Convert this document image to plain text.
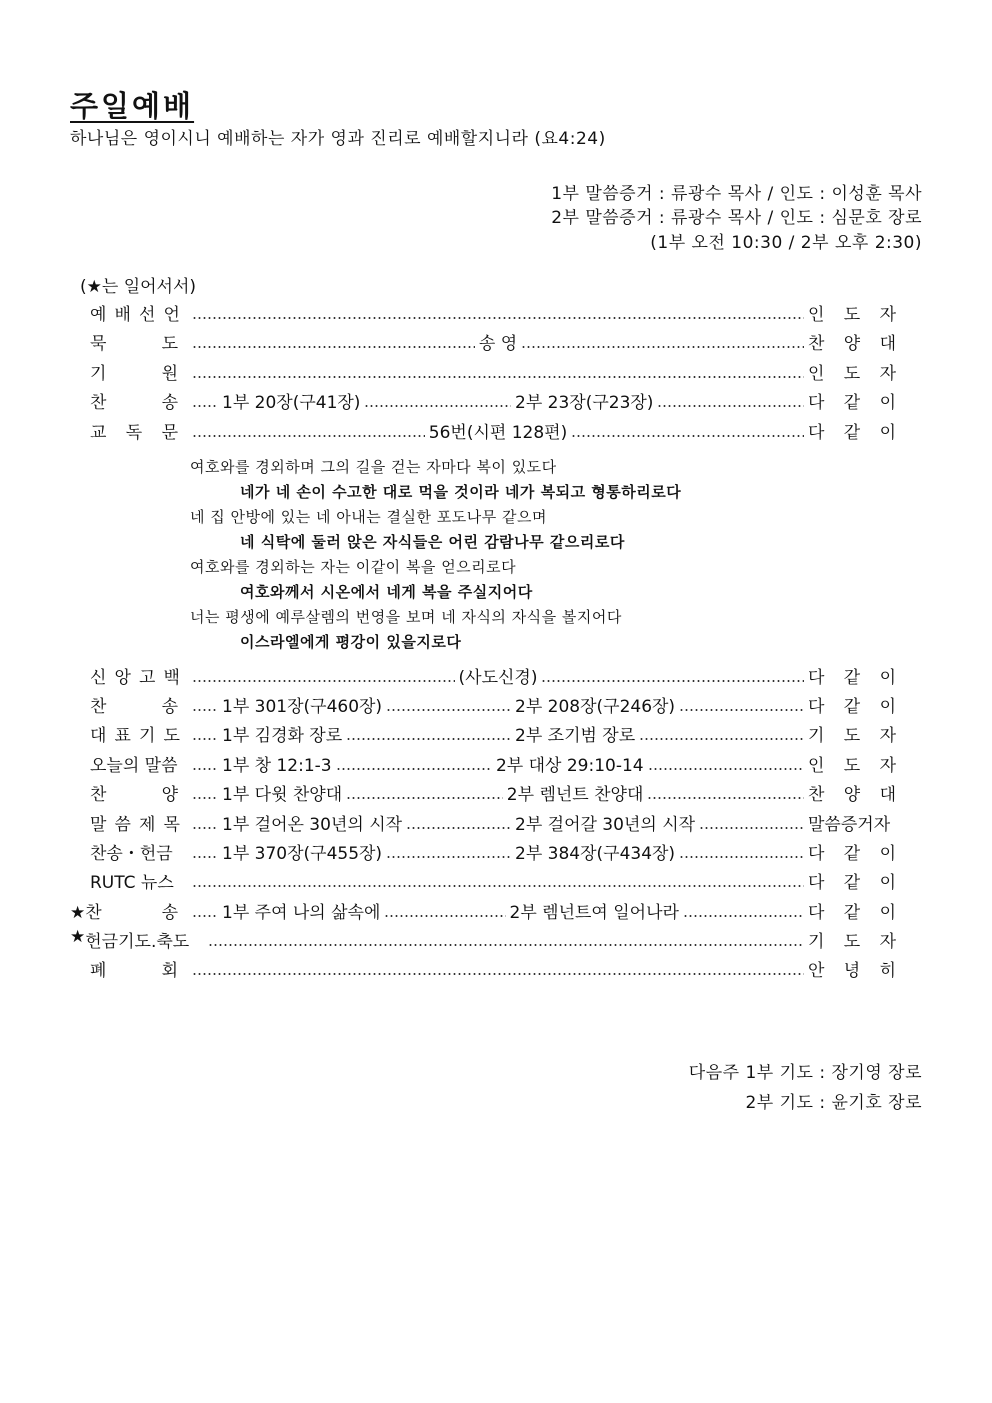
주일예배
하나님은 영이시니 예배하는 자가 영과 진리로 예배할지니라 (요4:24)
1부 말씀증거 : 류광수 목사 / 인도 : 이성훈 목사
2부 말씀증거 : 류광수 목사 / 인도 : 심문호 장로
(1부 오전 10:30 / 2부 오후 2:30)
(★는 일어서서)
예 배 선 언	인 도 자
묵	도	송 영	찬 양 대
기	원	인 도 자
찬	송	1부 20장(구41장)	2부 23장(구23장)	다 같 이
교 독 문	56번(시편 128편)	다 같 이
여호와를 경외하며 그의 길을 걷는 자마다 복이 있도다
네가 네 손이 수고한 대로 먹을 것이라 네가 복되고 형통하리로다
네 집 안방에 있는 네 아내는 결실한 포도나무 같으며
네 식탁에 둘러 앉은 자식들은 어린 감람나무 같으리로다
여호와를 경외하는 자는 이같이 복을 얻으리로다
여호와께서 시온에서 네게 복을 주실지어다
너는 평생에 예루살렘의 번영을 보며 네 자식의 자식을 볼지어다
이스라엘에게 평강이 있을지로다
신 앙 고 백	(사도신경)	다 같 이
찬	송	1부 301장(구460장)	2부 208장(구246장)	다 같 이
대 표 기 도 1부 김경화 장로	2부 조기범 장로	기 도 자
오늘의 말씀	1부 창 12:1-3	2부 대상 29:10-14	인 도 자
찬	양	1부 다윗 찬양대	2부 렘넌트 찬양대	찬 양 대
말 씀 제 목 1부 걸어온 30년의 시작	2부 걸어갈 30년의 시작	말씀증거자
찬송・헌금	1부 370장(구455장)	2부 384장(구434장)	다 같 이
RUTC 뉴스	다 같 이
★찬	송	1부 주여 나의 삶속에	2부 렘넌트여 일어나라	다 같 이
★ 헌금기도.축도	기 도 자
폐	회	안 녕 히
다음주 1부 기도 : 장기영 장로
2부 기도 : 윤기호 장로
